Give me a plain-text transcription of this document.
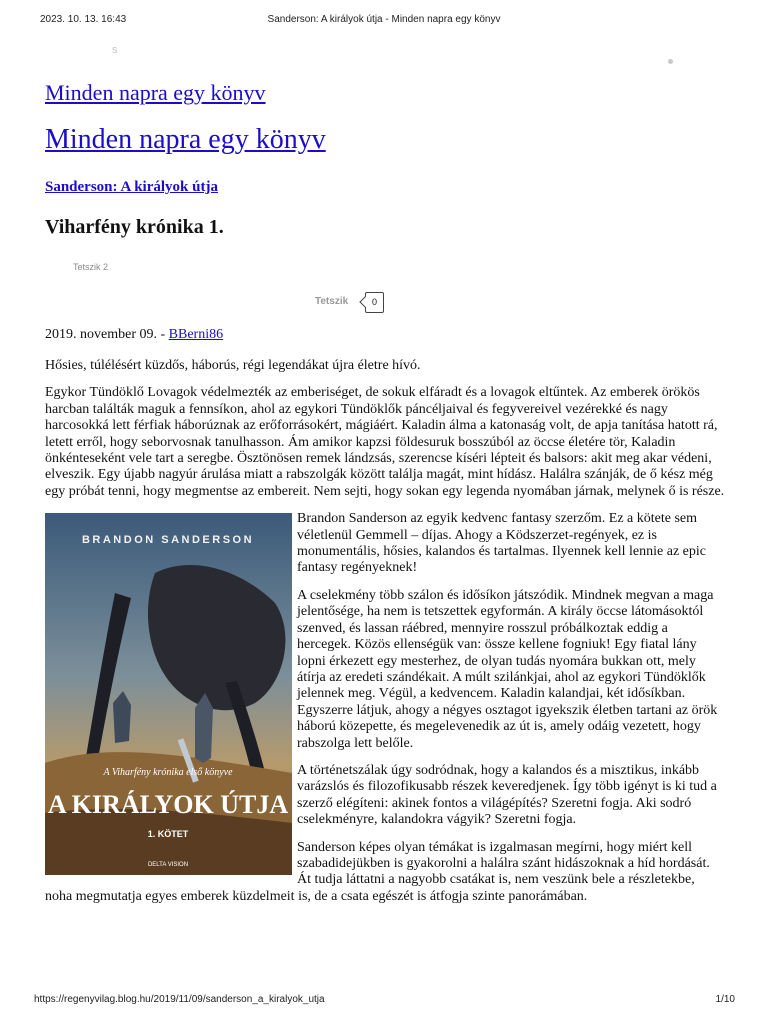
2023. 10. 13. 16:43	Sanderson: A királyok útja - Minden napra egy könyv
s
Minden napra egy könyv
Minden napra egy könyv
Sanderson: A királyok útja
Viharfény krónika 1.
Tetszik 2
Tetszik	0
2019. november 09. - BBerni86

Hősies, túlélésért küzdős, háborús, régi legendákat újra életre hívó.

Egykor Tündöklő Lovagok védelmezték az emberiséget, de sokuk elfáradt és a lovagok eltűntek. Az emberek örökös harcban találták maguk a fennsíkon, ahol az egykori Tündöklők páncéljaival és fegyvereivel vezérekké és nagy harcosokká lett férfiak háborúznak az erőforrásokért, mágiáért. Kaladin álma a katonaság volt, de apja tanítása hatott rá, letett erről, hogy seborvosnak tanulhasson. Ám amikor kapzsi földesuruk bosszúból az öccse életére tör, Kaladin önkénteseként vele tart a seregbe. Ösztönösen remek lándzsás, szerencse kíséri lépteit és balsors: akit meg akar védeni, elveszik. Egy újabb nagyúr árulása miatt a rabszolgák között találja magát, mint hídász. Halálra szánják, de ő kész még egy próbát tenni, hogy megmentse az embereit. Nem sejti, hogy sokan egy legenda nyomában járnak, melynek ő is része.

BRANDON SANDERSON
A Viharfény krónika első könyve
A KIRÁLYOK ÚTJA
1. KÖTET
DELTA VISION

Brandon Sanderson az egyik kedvenc fantasy szerzőm. Ez a kötete sem véletlenül Gemmell – díjas. Ahogy a Ködszerzet-regények, ez is monumentális, hősies, kalandos és tartalmas. Ilyennek kell lennie az epic fantasy regényeknek!

A cselekmény több szálon és idősíkon játszódik. Mindnek megvan a maga jelentősége, ha nem is tetszettek egyformán. A király öccse látomásoktól szenved, és lassan ráébred, mennyire rosszul próbálkoztak eddig a hercegek. Közös ellenségük van: össze kellene fogniuk! Egy fiatal lány lopni érkezett egy mesterhez, de olyan tudás nyomára bukkan ott, mely átírja az eredeti szándékait. A múlt szilánkjai, ahol az egykori Tündöklők jelennek meg. Végül, a kedvencem. Kaladin kalandjai, két idősíkban. Egyszerre látjuk, ahogy a négyes osztagot igyekszik életben tartani az örök háború közepette, és megelevenedik az út is, amely odáig vezetett, hogy rabszolga lett belőle.

A történetszálak úgy sodródnak, hogy a kalandos és a misztikus, inkább varázslós és filozofikusabb részek keveredjenek. Így több igényt is ki tud a szerző elégíteni: akinek fontos a világépítés? Szeretni fogja. Aki sodró cselekményre, kalandokra vágyik? Szeretni fogja.

Sanderson képes olyan témákat is izgalmasan megírni, hogy miért kell szabadidejükben is gyakorolni a halálra szánt hidászoknak a híd hordását. Át tudja láttatni a nagyobb csatákat is, nem veszünk bele a részletekbe, noha megmutatja egyes emberek küzdelmeit is, de a csata egészét is átfogja szinte panorámában.

https://regenyvilag.blog.hu/2019/11/09/sanderson_a_kiralyok_utja	1/10
